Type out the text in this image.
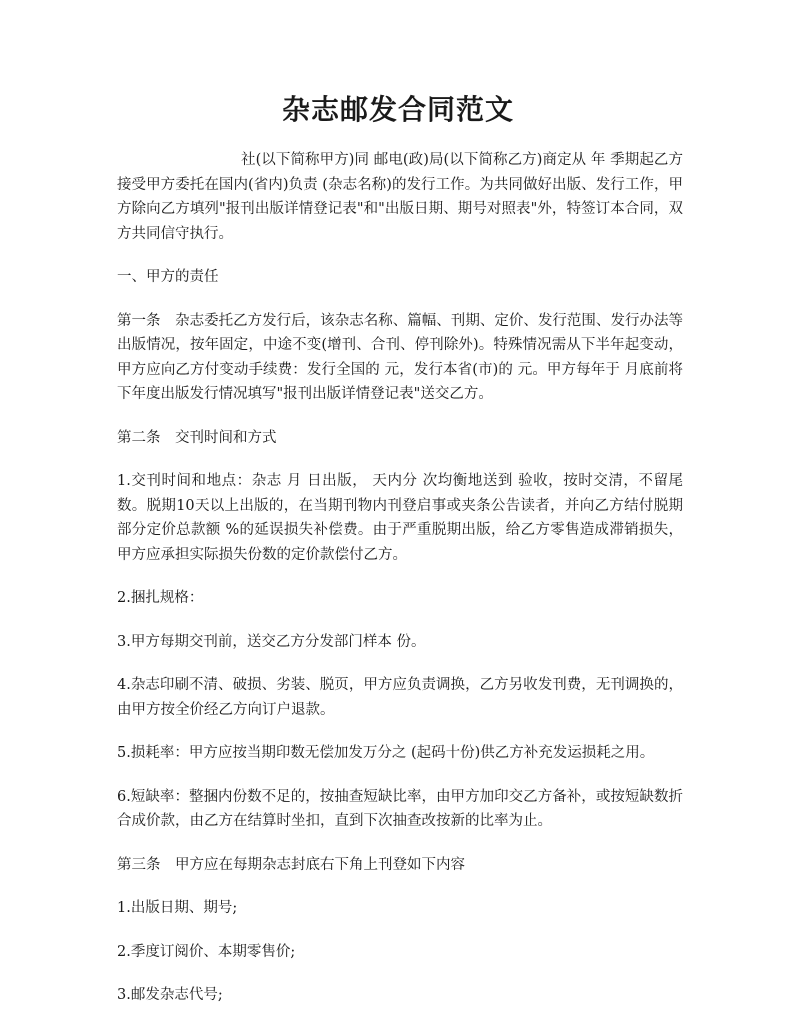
杂志邮发合同范文

社(以下简称甲方)同 邮电(政)局(以下简称乙方)商定从 年 季期起乙方接受甲方委托在国内(省内)负责 (杂志名称)的发行工作。为共同做好出版、发行工作，甲方除向乙方填列"报刊出版详情登记表"和"出版日期、期号对照表"外，特签订本合同，双方共同信守执行。

一、甲方的责任

第一条　杂志委托乙方发行后，该杂志名称、篇幅、刊期、定价、发行范围、发行办法等出版情况，按年固定，中途不变(增刊、合刊、停刊除外)。特殊情况需从下半年起变动，甲方应向乙方付变动手续费：发行全国的 元，发行本省(市)的 元。甲方每年于 月底前将下年度出版发行情况填写"报刊出版详情登记表"送交乙方。

第二条　交刊时间和方式

1.交刊时间和地点：杂志 月 日出版， 天内分 次均衡地送到 验收，按时交清，不留尾数。脱期10天以上出版的，在当期刊物内刊登启事或夹条公告读者，并向乙方结付脱期部分定价总款额 %的延误损失补偿费。由于严重脱期出版，给乙方零售造成滞销损失，甲方应承担实际损失份数的定价款偿付乙方。

2.捆扎规格：

3.甲方每期交刊前，送交乙方分发部门样本 份。

4.杂志印刷不清、破损、劣装、脱页，甲方应负责调换，乙方另收发刊费，无刊调换的，由甲方按全价经乙方向订户退款。

5.损耗率：甲方应按当期印数无偿加发万分之 (起码十份)供乙方补充发运损耗之用。

6.短缺率：整捆内份数不足的，按抽查短缺比率，由甲方加印交乙方备补，或按短缺数折合成价款，由乙方在结算时坐扣，直到下次抽查改按新的比率为止。

第三条　甲方应在每期杂志封底右下角上刊登如下内容

1.出版日期、期号;

2.季度订阅价、本期零售价;

3.邮发杂志代号;
